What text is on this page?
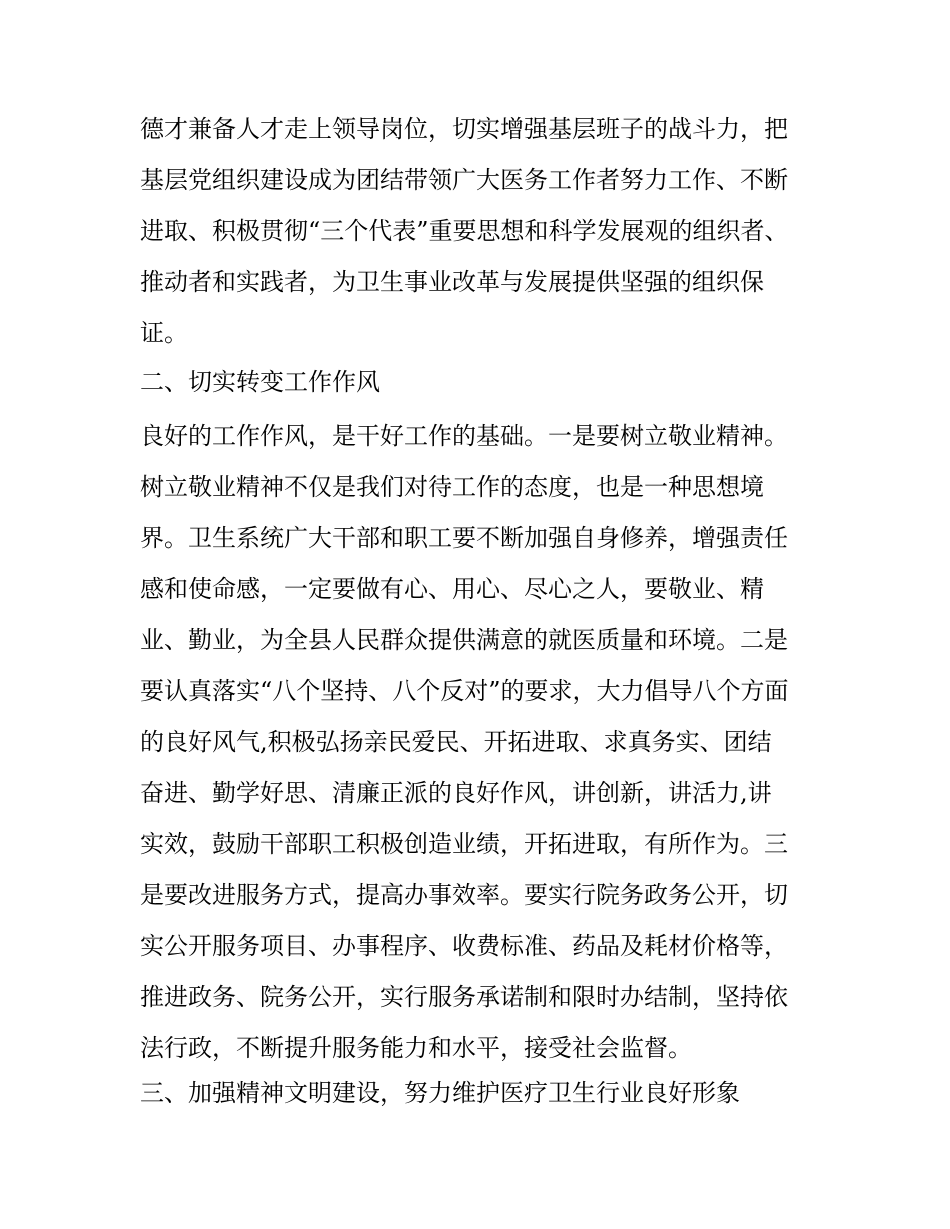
德才兼备人才走上领导岗位，切实增强基层班子的战斗力，把
基层党组织建设成为团结带领广大医务工作者努力工作、不断
进取、积极贯彻“三个代表”重要思想和科学发展观的组织者、
推动者和实践者，为卫生事业改革与发展提供坚强的组织保
证。
二、切实转变工作作风
良好的工作作风，是干好工作的基础。一是要树立敬业精神。
树立敬业精神不仅是我们对待工作的态度，也是一种思想境
界。卫生系统广大干部和职工要不断加强自身修养，增强责任
感和使命感，一定要做有心、用心、尽心之人，要敬业、精
业、勤业，为全县人民群众提供满意的就医质量和环境。二是
要认真落实“八个坚持、八个反对”的要求，大力倡导八个方面
的良好风气,积极弘扬亲民爱民、开拓进取、求真务实、团结
奋进、勤学好思、清廉正派的良好作风，讲创新，讲活力,讲
实效，鼓励干部职工积极创造业绩，开拓进取，有所作为。三
是要改进服务方式，提高办事效率。要实行院务政务公开，切
实公开服务项目、办事程序、收费标准、药品及耗材价格等，
推进政务、院务公开，实行服务承诺制和限时办结制，坚持依
法行政，不断提升服务能力和水平，接受社会监督。
三、加强精神文明建设，努力维护医疗卫生行业良好形象
